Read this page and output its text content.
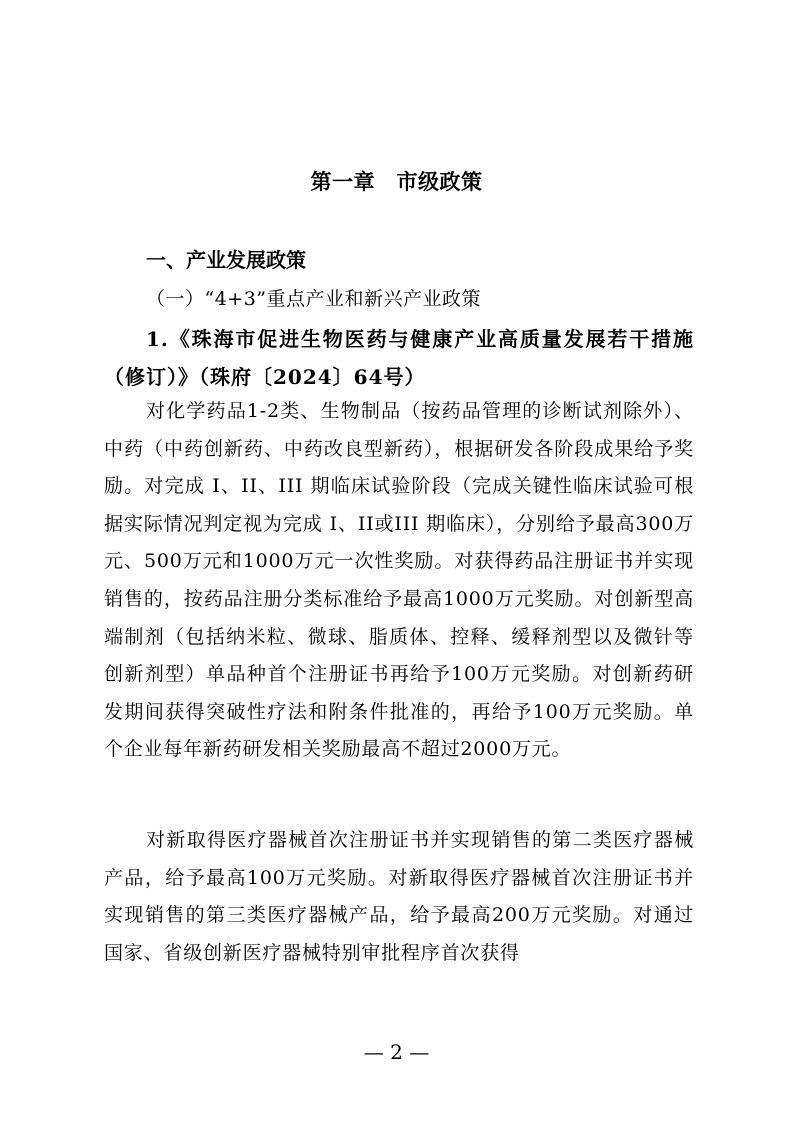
第一章　市级政策
一、产业发展政策
（一）“4+3”重点产业和新兴产业政策
1.《珠海市促进生物医药与健康产业高质量发展若干措施（修订）》（珠府〔2024〕64号）

对化学药品1-2类、生物制品（按药品管理的诊断试剂除外）、中药（中药创新药、中药改良型新药），根据研发各阶段成果给予奖励。对完成 I、II、III 期临床试验阶段（完成关键性临床试验可根据实际情况判定视为完成 I、II或III 期临床），分别给予最高300万元、500万元和1000万元一次性奖励。对获得药品注册证书并实现销售的，按药品注册分类标准给予最高1000万元奖励。对创新型高端制剂（包括纳米粒、微球、脂质体、控释、缓释剂型以及微针等创新剂型）单品种首个注册证书再给予100万元奖励。对创新药研发期间获得突破性疗法和附条件批准的，再给予100万元奖励。单个企业每年新药研发相关奖励最高不超过2000万元。

对新取得医疗器械首次注册证书并实现销售的第二类医疗器械产品，给予最高100万元奖励。对新取得医疗器械首次注册证书并实现销售的第三类医疗器械产品，给予最高200万元奖励。对通过国家、省级创新医疗器械特别审批程序首次获得

— 2 —
